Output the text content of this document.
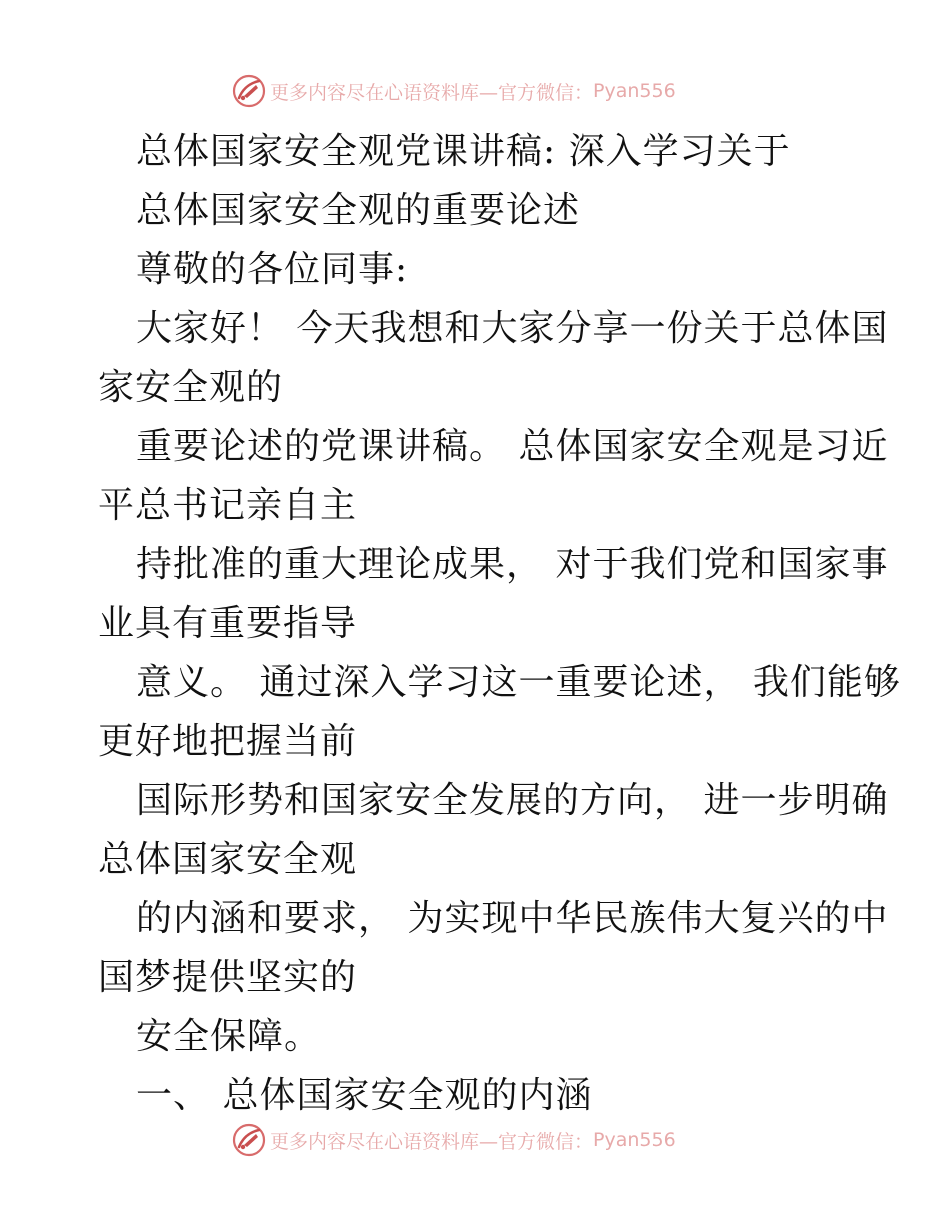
更多内容尽在心语资料库—官方微信： Pyan556
总体国家安全观党课讲稿: 深入学习关于
总体国家安全观的重要论述
尊敬的各位同事:
大家好！ 今天我想和大家分享一份关于总体国
家安全观的
重要论述的党课讲稿。 总体国家安全观是习近
平总书记亲自主
持批准的重大理论成果， 对于我们党和国家事
业具有重要指导
意义。 通过深入学习这一重要论述， 我们能够
更好地把握当前
国际形势和国家安全发展的方向， 进一步明确
总体国家安全观
的内涵和要求， 为实现中华民族伟大复兴的中
国梦提供坚实的
安全保障。
一、 总体国家安全观的内涵
更多内容尽在心语资料库—官方微信： Pyan556
